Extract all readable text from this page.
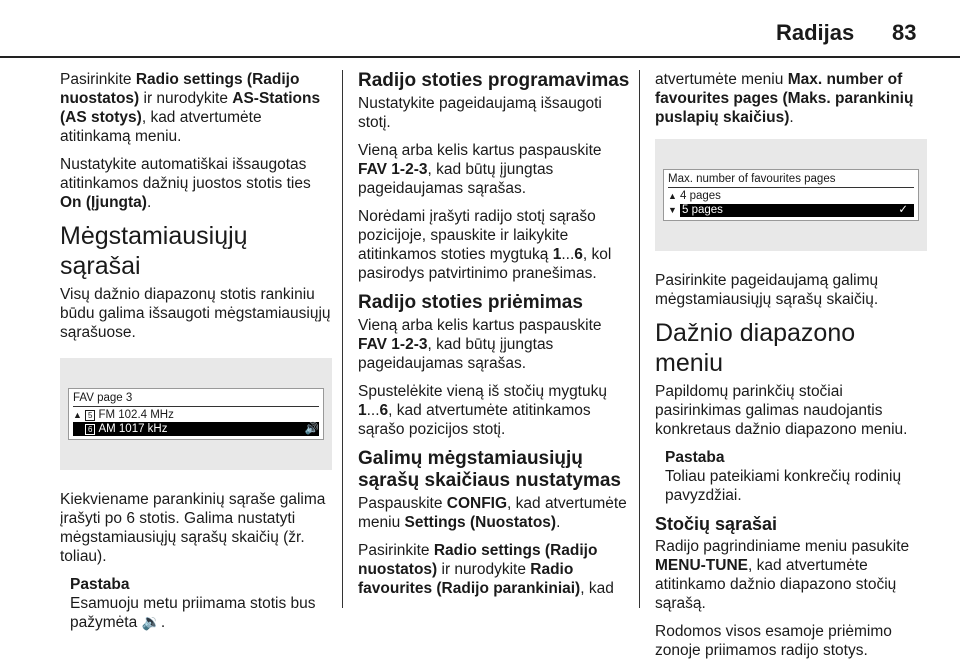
Radijas 83

Pasirinkite Radio settings (Radijo nuostatos) ir nurodykite AS-Stations (AS stotys), kad atvertumėte atitinkamą meniu.

Nustatykite automatiškai išsaugotas atitinkamos dažnių juostos stotis ties On (Įjungta).

Mėgstamiausiųjų sąrašai

Visų dažnio diapazonų stotis rankiniu būdu galima išsaugoti mėgstamiausiųjų sąrašuose.

FAV page 3
▲ 5 FM 102.4 MHz
6 AM 1017 kHz	🔊

Kiekviename parankinių sąraše galima įrašyti po 6 stotis. Galima nustatyti mėgstamiausiųjų sąrašų skaičių (žr. toliau).

Pastaba
Esamuoju metu priimama stotis bus pažymėta 🔉.
Radijo stoties programavimas

Nustatykite pageidaujamą išsaugoti stotį.

Vieną arba kelis kartus paspauskite FAV 1-2-3, kad būtų įjungtas pageidaujamas sąrašas.

Norėdami įrašyti radijo stotį sąrašo pozicijoje, spauskite ir laikykite atitinkamos stoties mygtuką 1...6, kol pasirodys patvirtinimo pranešimas.

Radijo stoties priėmimas

Vieną arba kelis kartus paspauskite FAV 1-2-3, kad būtų įjungtas pageidaujamas sąrašas.

Spustelėkite vieną iš stočių mygtukų 1...6, kad atvertumėte atitinkamos sąrašo pozicijos stotį.

Galimų mėgstamiausiųjų sąrašų skaičiaus nustatymas

Paspauskite CONFIG, kad atvertumėte meniu Settings (Nuostatos).

Pasirinkite Radio settings (Radijo nuostatos) ir nurodykite Radio favourites (Radijo parankiniai), kad

atvertumėte meniu Max. number of favourites pages (Maks. parankinių puslapių skaičius).

Max. number of favourites pages
▲ 4 pages
▼ 5 pages	✓

Pasirinkite pageidaujamą galimų mėgstamiausiųjų sąrašų skaičių.

Dažnio diapazono meniu

Papildomų parinkčių stočiai pasirinkimas galimas naudojantis konkretaus dažnio diapazono meniu.

Pastaba
Toliau pateikiami konkrečių rodinių pavyzdžiai.
Stočių sąrašai

Radijo pagrindiniame meniu pasukite MENU-TUNE, kad atvertumėte atitinkamo dažnio diapazono stočių sąrašą.

Rodomos visos esamoje priėmimo zonoje priimamos radijo stotys.
